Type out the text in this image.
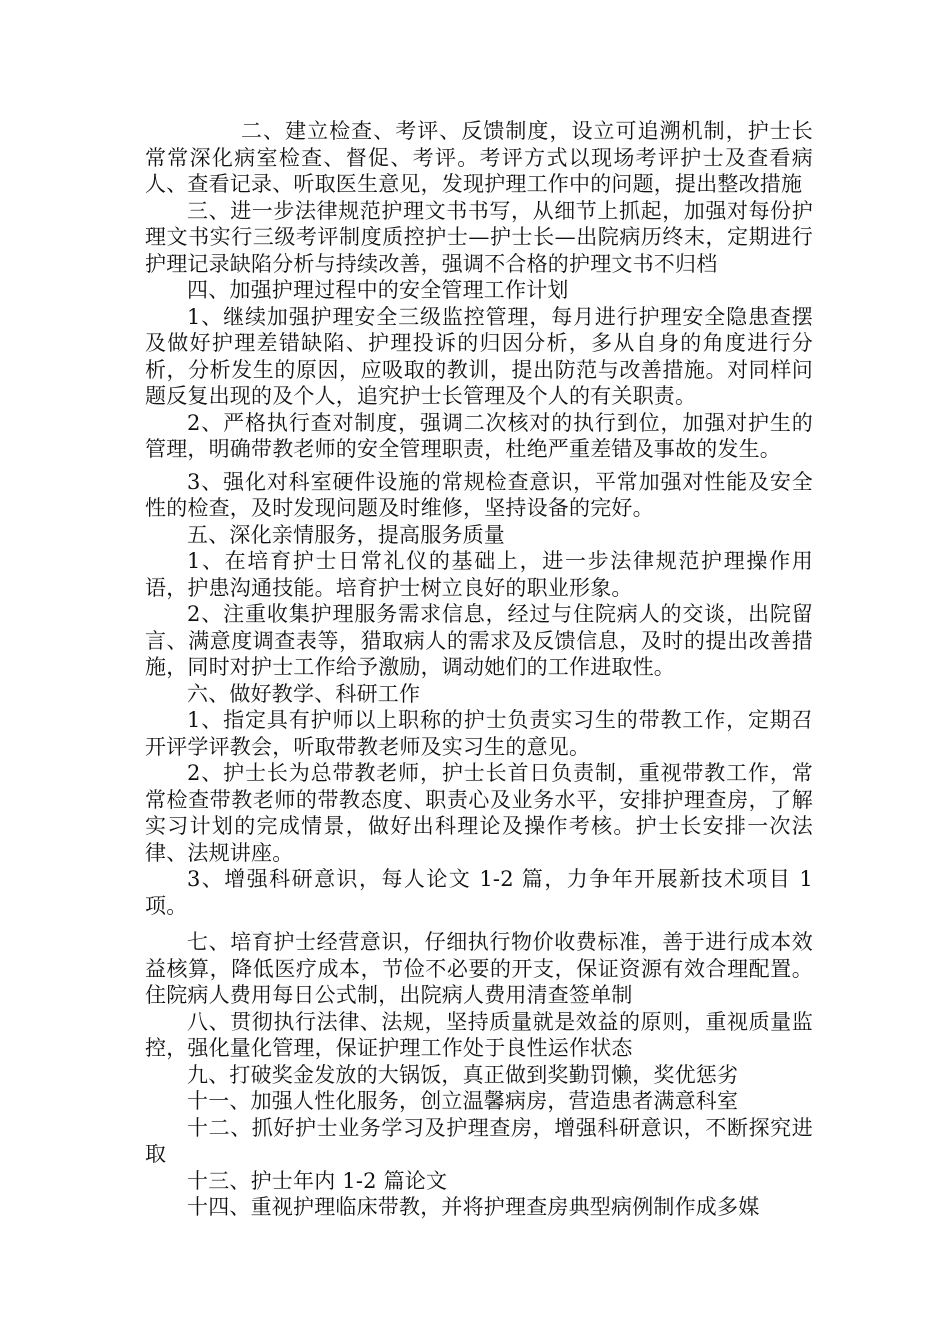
二、建立检查、考评、反馈制度，设立可追溯机制，护士长常常深化病室检查、督促、考评。考评方式以现场考评护士及查看病人、查看记录、听取医生意见，发现护理工作中的问题，提出整改措施

三、进一步法律规范护理文书书写，从细节上抓起，加强对每份护理文书实行三级考评制度质控护士—护士长—出院病历终末，定期进行护理记录缺陷分析与持续改善，强调不合格的护理文书不归档

四、加强护理过程中的安全管理工作计划

1、继续加强护理安全三级监控管理，每月进行护理安全隐患查摆及做好护理差错缺陷、护理投诉的归因分析，多从自身的角度进行分析，分析发生的原因，应吸取的教训，提出防范与改善措施。对同样问题反复出现的及个人，追究护士长管理及个人的有关职责。

2、严格执行查对制度，强调二次核对的执行到位，加强对护生的管理，明确带教老师的安全管理职责，杜绝严重差错及事故的发生。

3、强化对科室硬件设施的常规检查意识，平常加强对性能及安全性的检查，及时发现问题及时维修，坚持设备的完好。

五、深化亲情服务，提高服务质量

1、在培育护士日常礼仪的基础上，进一步法律规范护理操作用语，护患沟通技能。培育护士树立良好的职业形象。

2、注重收集护理服务需求信息，经过与住院病人的交谈，出院留言、满意度调查表等，猎取病人的需求及反馈信息，及时的提出改善措施，同时对护士工作给予激励，调动她们的工作进取性。

六、做好教学、科研工作

1、指定具有护师以上职称的护士负责实习生的带教工作，定期召开评学评教会，听取带教老师及实习生的意见。

2、护士长为总带教老师，护士长首日负责制，重视带教工作，常常检查带教老师的带教态度、职责心及业务水平，安排护理查房，了解实习计划的完成情景，做好出科理论及操作考核。护士长安排一次法律、法规讲座。

3、增强科研意识，每人论文 1-2 篇，力争年开展新技术项目 1 项。

七、培育护士经营意识，仔细执行物价收费标准，善于进行成本效益核算，降低医疗成本，节俭不必要的开支，保证资源有效合理配置。住院病人费用每日公式制，出院病人费用清查签单制

八、贯彻执行法律、法规，坚持质量就是效益的原则，重视质量监控，强化量化管理，保证护理工作处于良性运作状态

九、打破奖金发放的大锅饭，真正做到奖勤罚懒，奖优惩劣

十一、加强人性化服务，创立温馨病房，营造患者满意科室

十二、抓好护士业务学习及护理查房，增强科研意识，不断探究进取

十三、护士年内 1-2 篇论文

十四、重视护理临床带教，并将护理查房典型病例制作成多媒
